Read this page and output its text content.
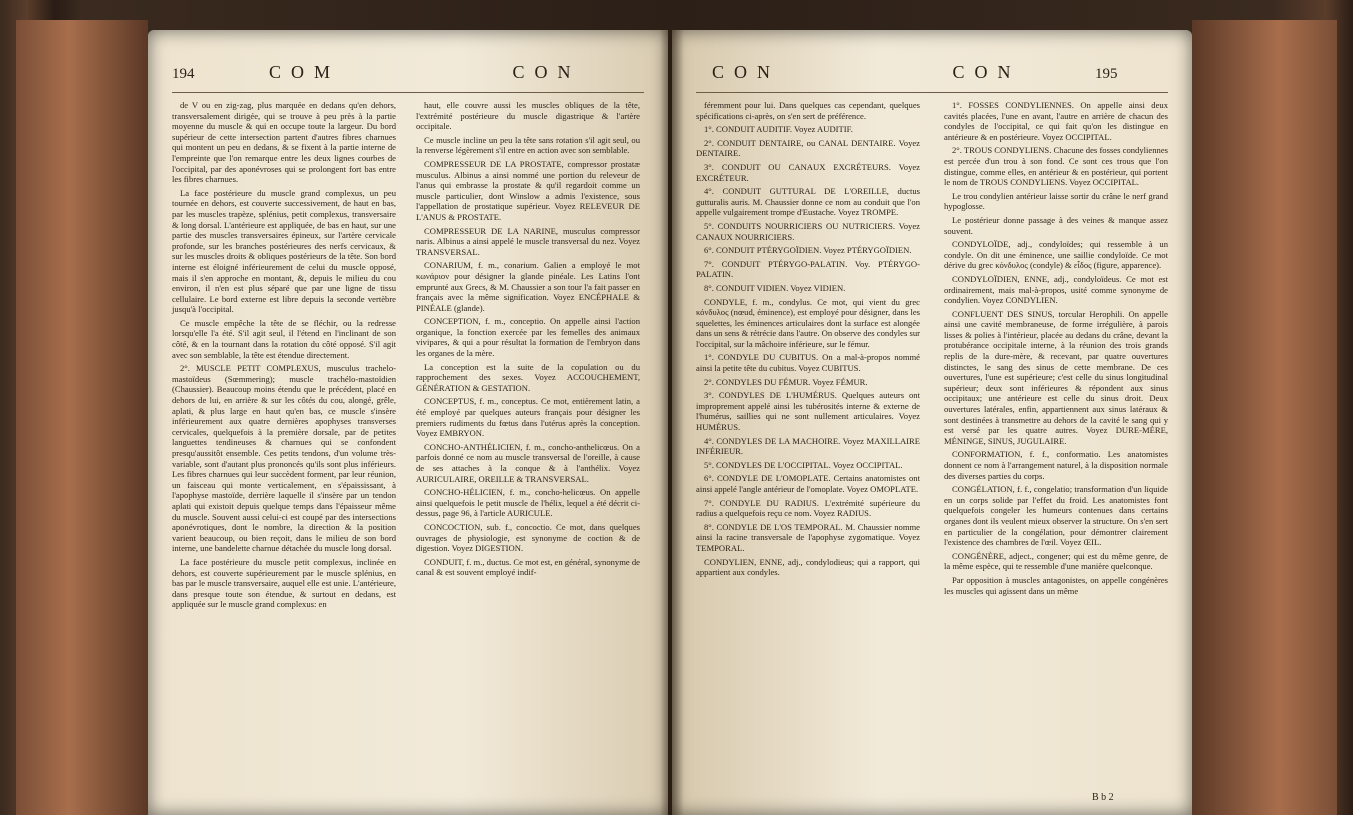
194	COM	CON

de V ou en zig-zag, plus marquée en dedans qu'en dehors, transversalement dirigée, qui se trouve à peu près à la partie moyenne du muscle & qui en occupe toute la largeur. Du bord supérieur de cette intersection partent d'autres fibres charnues qui montent un peu en dedans, & se fixent à la partie interne de l'empreinte que l'on remarque entre les deux lignes courbes de l'occipital, par des aponévroses qui se prolongent fort bas entre les fibres charnues.

La face postérieure du muscle grand complexus, un peu tournée en dehors, est couverte successivement, de haut en bas, par les muscles trapèze, splénius, petit complexus, transversaire & long dorsal. L'antérieure est appliquée, de bas en haut, sur une partie des muscles transversaires épineux, sur l'artère cervicale profonde, sur les branches postérieures des nerfs cervicaux, & sur les muscles droits & obliques postérieurs de la tête. Son bord interne est éloigné inférieurement de celui du muscle opposé, mais il s'en approche en montant, &, depuis le milieu du cou environ, il n'en est plus séparé que par une ligne de tissu cellulaire. Le bord externe est libre depuis la seconde vertèbre jusqu'à l'occipital.

Ce muscle empêche la tête de se fléchir, ou la redresse lorsqu'elle l'a été. S'il agit seul, il l'étend en l'inclinant de son côté, & en la tournant dans la rotation du côté opposé. S'il agit avec son semblable, la tête est étendue directement.

2°. MUSCLE PETIT COMPLEXUS, musculus trachelo-mastoïdeus (Sœmmering); muscle trachélo-mastoïdien (Chaussier). Beaucoup moins étendu que le précédent, placé en dehors de lui, en arrière & sur les côtés du cou, alongé, grêle, aplati, & plus large en haut qu'en bas, ce muscle s'insère inférieurement aux quatre dernières apophyses transverses cervicales, quelquefois à la première dorsale, par de petites languettes tendineuses & charnues qui se confondent presqu'aussitôt ensemble. Ces petits tendons, d'un volume très-variable, sont d'autant plus prononcés qu'ils sont plus inférieurs. Les fibres charnues qui leur succèdent forment, par leur réunion, un faisceau qui monte verticalement, en s'épaississant, à l'apophyse mastoïde, derrière laquelle il s'insère par un tendon aplati qui existoit depuis quelque temps dans l'épaisseur même du muscle. Souvent aussi celui-ci est coupé par des intersections aponévrotiques, dont le nombre, la direction & la position varient beaucoup, ou bien reçoit, dans le milieu de son bord interne, une bandelette charnue détachée du muscle long dorsal.

La face postérieure du muscle petit complexus, inclinée en dehors, est couverte supérieurement par le muscle splénius, en bas par le muscle transversaire, auquel elle est unie. L'antérieure, dans presque toute son étendue, & surtout en dedans, est appliquée sur le muscle grand complexus: en

haut, elle couvre aussi les muscles obliques de la tête, l'extrémité postérieure du muscle digastrique & l'artère occipitale.

Ce muscle incline un peu la tête sans rotation s'il agit seul, ou la renverse légèrement s'il entre en action avec son semblable.

COMPRESSEUR DE LA PROSTATE, compressor prostatæ musculus. Albinus a ainsi nommé une portion du releveur de l'anus qui embrasse la prostate & qu'il regardoit comme un muscle particulier, dont Winslow a admis l'existence, sous l'appellation de prostatique supérieur. Voyez RELEVEUR DE L'ANUS & PROSTATE.

COMPRESSEUR DE LA NARINE, musculus compressor naris. Albinus a ainsi appelé le muscle transversal du nez. Voyez TRANSVERSAL.

CONARIUM, f. m., conarium. Galien a employé le mot κωνάριον pour désigner la glande pinéale. Les Latins l'ont emprunté aux Grecs, & M. Chaussier a son tour l'a fait passer en français avec la même signification. Voyez ENCÉPHALE & PINÉALE (glande).

CONCEPTION, f. m., conceptio. On appelle ainsi l'action organique, la fonction exercée par les femelles des animaux vivipares, & qui a pour résultat la formation de l'embryon dans les organes de la mère.

La conception est la suite de la copulation ou du rapprochement des sexes. Voyez ACCOUCHEMENT, GÉNÉRATION & GESTATION.

CONCEPTUS, f. m., conceptus. Ce mot, entièrement latin, a été employé par quelques auteurs français pour désigner les premiers rudiments du fœtus dans l'utérus après la conception. Voyez EMBRYON.

CONCHO-ANTHÉLICIEN, f. m., concho-anthelicœus. On a parfois donné ce nom au muscle transversal de l'oreille, à cause de ses attaches à la conque & à l'anthélix. Voyez AURICULAIRE, OREILLE & TRANSVERSAL.

CONCHO-HÉLICIEN, f. m., concho-helicœus. On appelle ainsi quelquefois le petit muscle de l'hélix, lequel a été décrit ci-dessus, page 96, à l'article AURICULE.

CONCOCTION, sub. f., concoctio. Ce mot, dans quelques ouvrages de physiologie, est synonyme de coction & de digestion. Voyez DIGESTION.

CONDUIT, f. m., ductus. Ce mot est, en général, synonyme de canal & est souvent employé indif-

CON	CON	195

féremment pour lui. Dans quelques cas cependant, quelques spécifications ci-après, on s'en sert de préférence.

1°. CONDUIT AUDITIF. Voyez AUDITIF.

2°. CONDUIT DENTAIRE, ou CANAL DENTAIRE. Voyez DENTAIRE.

3°. CONDUIT OU CANAUX EXCRÉTEURS. Voyez EXCRÉTEUR.

4°. CONDUIT GUTTURAL DE L'OREILLE, ductus gutturalis auris. M. Chaussier donne ce nom au conduit que l'on appelle vulgairement trompe d'Eustache. Voyez TROMPE.

5°. CONDUITS NOURRICIERS OU NUTRICIERS. Voyez CANAUX NOURRICIERS.

6°. CONDUIT PTÉRYGOÏDIEN. Voyez PTÉRYGOÏDIEN.

7°. CONDUIT PTÉRYGO-PALATIN. Voy. PTÉRYGO-PALATIN.

8°. CONDUIT VIDIEN. Voyez VIDIEN.

CONDYLE, f. m., condylus. Ce mot, qui vient du grec κόνδυλος (nœud, éminence), est employé pour désigner, dans les squelettes, les éminences articulaires dont la surface est alongée dans un sens & rétrécie dans l'autre. On observe des condyles sur l'occipital, sur la mâchoire inférieure, sur le fémur.

1°. CONDYLE DU CUBITUS. On a mal-à-propos nommé ainsi la petite tête du cubitus. Voyez CUBITUS.

2°. CONDYLES DU FÉMUR. Voyez FÉMUR.

3°. CONDYLES DE L'HUMÉRUS. Quelques auteurs ont improprement appelé ainsi les tubérosités interne & externe de l'humérus, saillies qui ne sont nullement articulaires. Voyez HUMÉRUS.

4°. CONDYLES DE LA MACHOIRE. Voyez MAXILLAIRE INFÉRIEUR.

5°. CONDYLES DE L'OCCIPITAL. Voyez OCCIPITAL.

6°. CONDYLE DE L'OMOPLATE. Certains anatomistes ont ainsi appelé l'angle antérieur de l'omoplate. Voyez OMOPLATE.

7°. CONDYLE DU RADIUS. L'extrémité supérieure du radius a quelquefois reçu ce nom. Voyez RADIUS.

8°. CONDYLE DE L'OS TEMPORAL. M. Chaussier nomme ainsi la racine transversale de l'apophyse zygomatique. Voyez TEMPORAL.

CONDYLIEN, ENNE, adj., condylodieus; qui a rapport, qui appartient aux condyles.

1°. FOSSES CONDYLIENNES. On appelle ainsi deux cavités placées, l'une en avant, l'autre en arrière de chacun des condyles de l'occipital, ce qui fait qu'on les distingue en antérieure & en postérieure. Voyez OCCIPITAL.

2°. TROUS CONDYLIENS. Chacune des fosses condyliennes est percée d'un trou à son fond. Ce sont ces trous que l'on distingue, comme elles, en antérieur & en postérieur, qui portent le nom de TROUS CONDYLIENS. Voyez OCCIPITAL.

Le trou condylien antérieur laisse sortir du crâne le nerf grand hypoglosse.

Le postérieur donne passage à des veines & manque assez souvent.

CONDYLOÏDE, adj., condyloïdes; qui ressemble à un condyle. On dit une éminence, une saillie condyloïde. Ce mot dérive du grec κόνδυλος (condyle) & εἶδος (figure, apparence).

CONDYLOÏDIEN, ENNE, adj., condyloïdeus. Ce mot est ordinairement, mais mal-à-propos, usité comme synonyme de condylien. Voyez CONDYLIEN.

CONFLUENT DES SINUS, torcular Herophili. On appelle ainsi une cavité membraneuse, de forme irrégulière, à parois lisses & polies à l'intérieur, placée au dedans du crâne, devant la protubérance occipitale interne, à la réunion des trois grands replis de la dure-mère, & recevant, par quatre ouvertures distinctes, le sang des sinus de cette membrane. De ces ouvertures, l'une est supérieure; c'est celle du sinus longitudinal supérieur; deux sont inférieures & répondent aux sinus occipitaux; une antérieure est celle du sinus droit. Deux ouvertures latérales, enfin, appartiennent aux sinus latéraux & sont destinées à transmettre au dehors de la cavité le sang qui y est versé par les quatre autres. Voyez DURE-MÈRE, MÉNINGE, SINUS, JUGULAIRE.

CONFORMATION, f. f., conformatio. Les anatomistes donnent ce nom à l'arrangement naturel, à la disposition normale des diverses parties du corps.

CONGÉLATION, f. f., congelatio; transformation d'un liquide en un corps solide par l'effet du froid. Les anatomistes font quelquefois congeler les humeurs contenues dans certains organes dont ils veulent mieux observer la structure. On s'en sert en particulier de la congélation, pour démontrer clairement l'existence des chambres de l'œil. Voyez ŒIL.

CONGÉNÈRE, adject., congener; qui est du même genre, de la même espèce, qui te ressemble d'une manière quelconque.

Par opposition à muscles antagonistes, on appelle congénères les muscles qui agissent dans un même

B b 2
